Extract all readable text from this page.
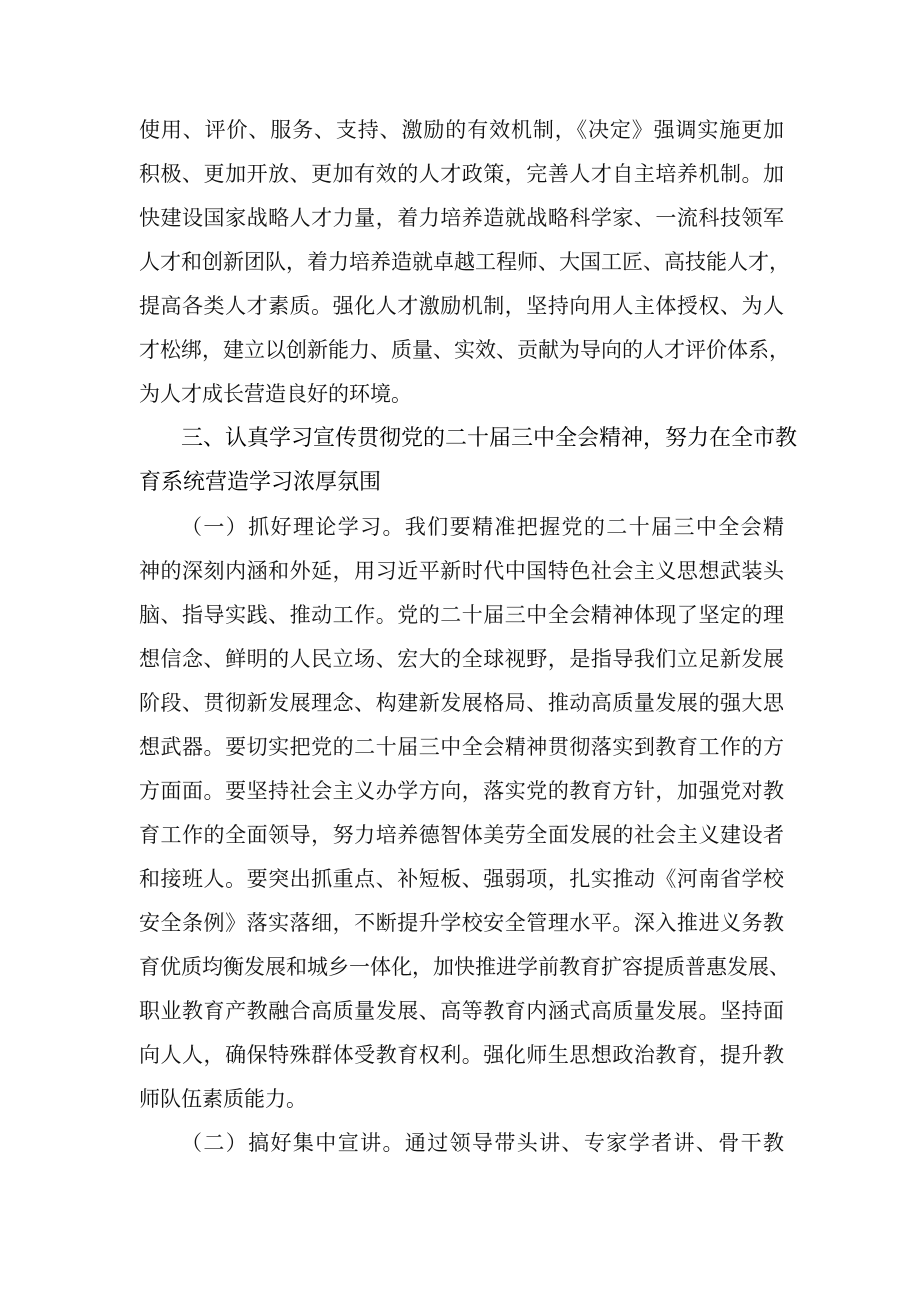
使用、评价、服务、支持、激励的有效机制，《决定》强调实施更加
积极、更加开放、更加有效的人才政策，完善人才自主培养机制。加
快建设国家战略人才力量，着力培养造就战略科学家、一流科技领军
人才和创新团队，着力培养造就卓越工程师、大国工匠、高技能人才，
提高各类人才素质。强化人才激励机制，坚持向用人主体授权、为人
才松绑，建立以创新能力、质量、实效、贡献为导向的人才评价体系，
为人才成长营造良好的环境。
三、认真学习宣传贯彻党的二十届三中全会精神，努力在全市教
育系统营造学习浓厚氛围
（一）抓好理论学习。我们要精准把握党的二十届三中全会精
神的深刻内涵和外延，用习近平新时代中国特色社会主义思想武装头
脑、指导实践、推动工作。党的二十届三中全会精神体现了坚定的理
想信念、鲜明的人民立场、宏大的全球视野，是指导我们立足新发展
阶段、贯彻新发展理念、构建新发展格局、推动高质量发展的强大思
想武器。要切实把党的二十届三中全会精神贯彻落实到教育工作的方
方面面。要坚持社会主义办学方向，落实党的教育方针，加强党对教
育工作的全面领导，努力培养德智体美劳全面发展的社会主义建设者
和接班人。要突出抓重点、补短板、强弱项，扎实推动《河南省学校
安全条例》落实落细，不断提升学校安全管理水平。深入推进义务教
育优质均衡发展和城乡一体化，加快推进学前教育扩容提质普惠发展、
职业教育产教融合高质量发展、高等教育内涵式高质量发展。坚持面
向人人，确保特殊群体受教育权利。强化师生思想政治教育，提升教
师队伍素质能力。
（二）搞好集中宣讲。通过领导带头讲、专家学者讲、骨干教
